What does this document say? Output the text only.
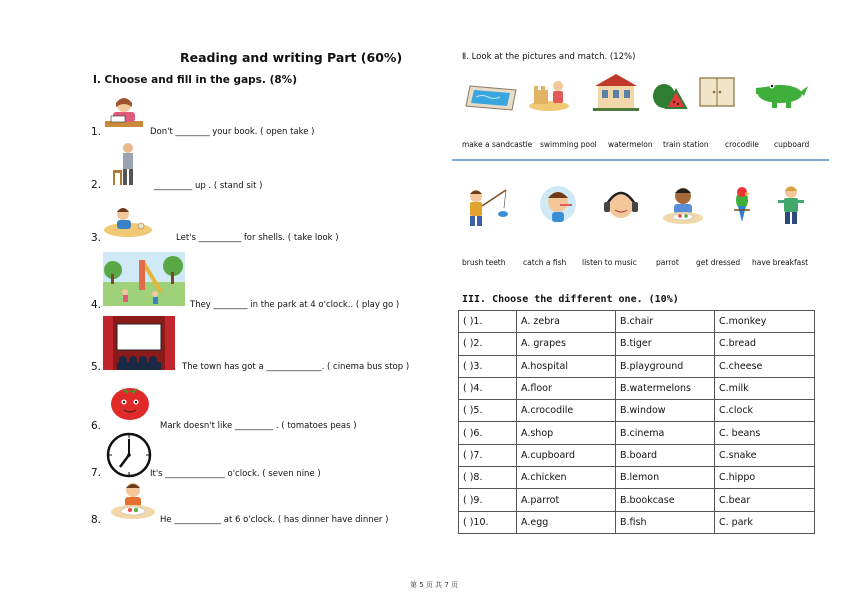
Reading and writing Part (60%)
Ⅰ. Choose and fill in the gaps. (8%)
1.	Don't ________ your book. ( open take )
2.	_________ up . ( stand sit )
3.	Let's __________ for shells. ( take look )
4.	They ________ in the park at 4 o'clock.. ( play go )
5.	The town has got a _____________. ( cinema bus stop )
6.	Mark doesn't like _________ . ( tomatoes peas )
7.	It's ______________ o'clock. ( seven nine )
8.	He ___________ at 6 o'clock. ( has dinner have dinner )
Ⅱ. Look at the pictures and match. (12%)
make a sandcastle swimming pool watermelon train station crocodile cupboard
brush teeth catch a fish listen to music	parrot get dressed have breakfast
III. Choose the different one. (10%)
( )1.	A. zebra	B.chair	C.monkey
( )2.	A. grapes	B.tiger	C.bread
( )3.	A.hospital	B.playground	C.cheese
( )4.	A.floor	B.watermelons	C.milk
( )5.	A.crocodile	B.window	C.clock
( )6.	A.shop	B.cinema	C. beans
( )7.	A.cupboard	B.board	C.snake
( )8.	A.chicken	B.lemon	C.hippo
( )9.	A.parrot	B.bookcase	C.bear
( )10.	A.egg	B.fish	C. park
第 5 页 共 7 页
